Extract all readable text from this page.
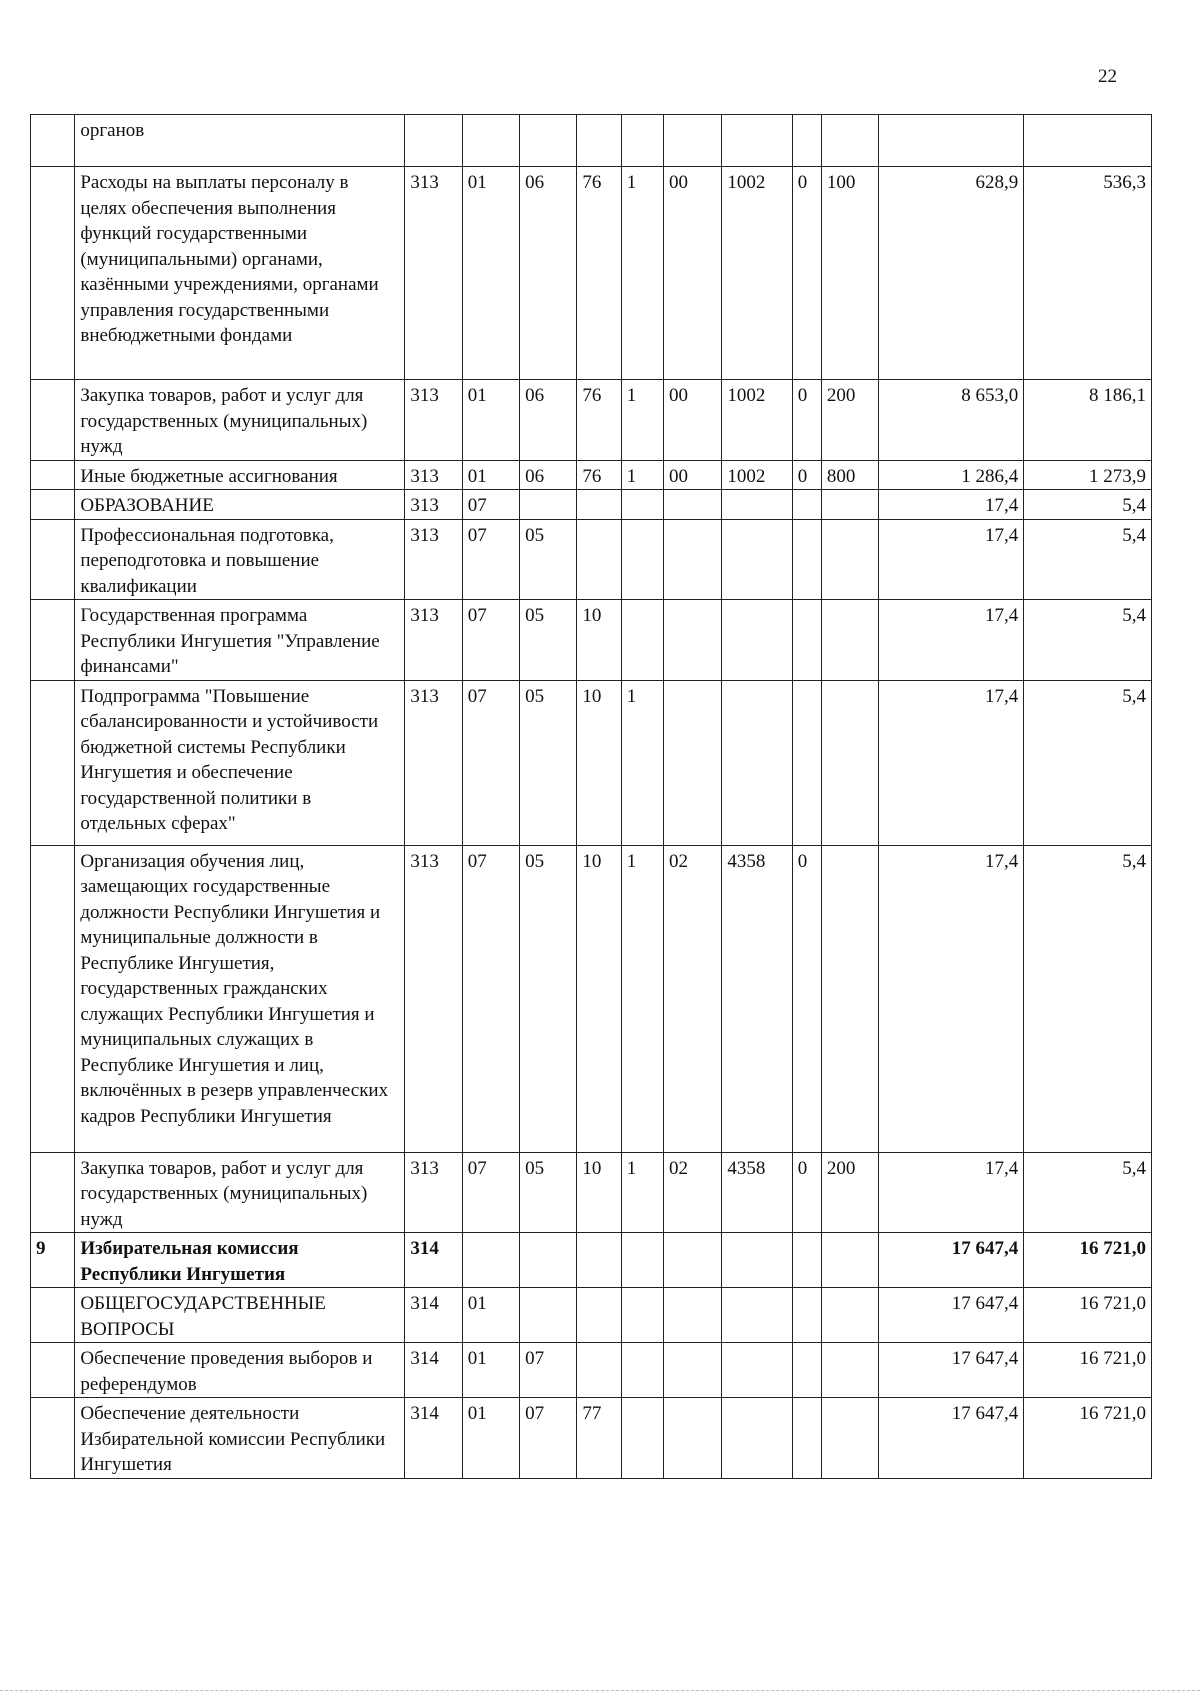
22
	органов											
	Расходы на выплаты персоналу в целях обеспечения выполнения функций государственными (муниципальными) органами, казёнными учреждениями, органами управления государственными внебюджетными фондами	313	01	06	76	1	00	1002	0	100	628,9	536,3
	Закупка товаров, работ и услуг для государственных (муниципальных) нужд	313	01	06	76	1	00	1002	0	200	8 653,0	8 186,1
	Иные бюджетные ассигнования	313	01	06	76	1	00	1002	0	800	1 286,4	1 273,9
	ОБРАЗОВАНИЕ	313	07								17,4	5,4
	Профессиональная подготовка, переподготовка и повышение квалификации	313	07	05							17,4	5,4
	Государственная программа Республики Ингушетия "Управление финансами"	313	07	05	10						17,4	5,4
	Подпрограмма "Повышение сбалансированности и устойчивости бюджетной системы Республики Ингушетия и обеспечение государственной политики в отдельных сферах"	313	07	05	10	1					17,4	5,4
	Организация обучения лиц, замещающих государственные должности Республики Ингушетия и муниципальные должности в Республике Ингушетия, государственных гражданских служащих Республики Ингушетия и муниципальных служащих в Республике Ингушетия и лиц, включённых в резерв управленческих кадров Республики Ингушетия	313	07	05	10	1	02	4358	0		17,4	5,4
	Закупка товаров, работ и услуг для государственных (муниципальных) нужд	313	07	05	10	1	02	4358	0	200	17,4	5,4
9	Избирательная комиссия Республики Ингушетия	314									17 647,4	16 721,0
	ОБЩЕГОСУДАРСТВЕННЫЕ ВОПРОСЫ	314	01								17 647,4	16 721,0
	Обеспечение проведения выборов и референдумов	314	01	07							17 647,4	16 721,0
	Обеспечение деятельности Избирательной комиссии Республики Ингушетия	314	01	07	77						17 647,4	16 721,0
